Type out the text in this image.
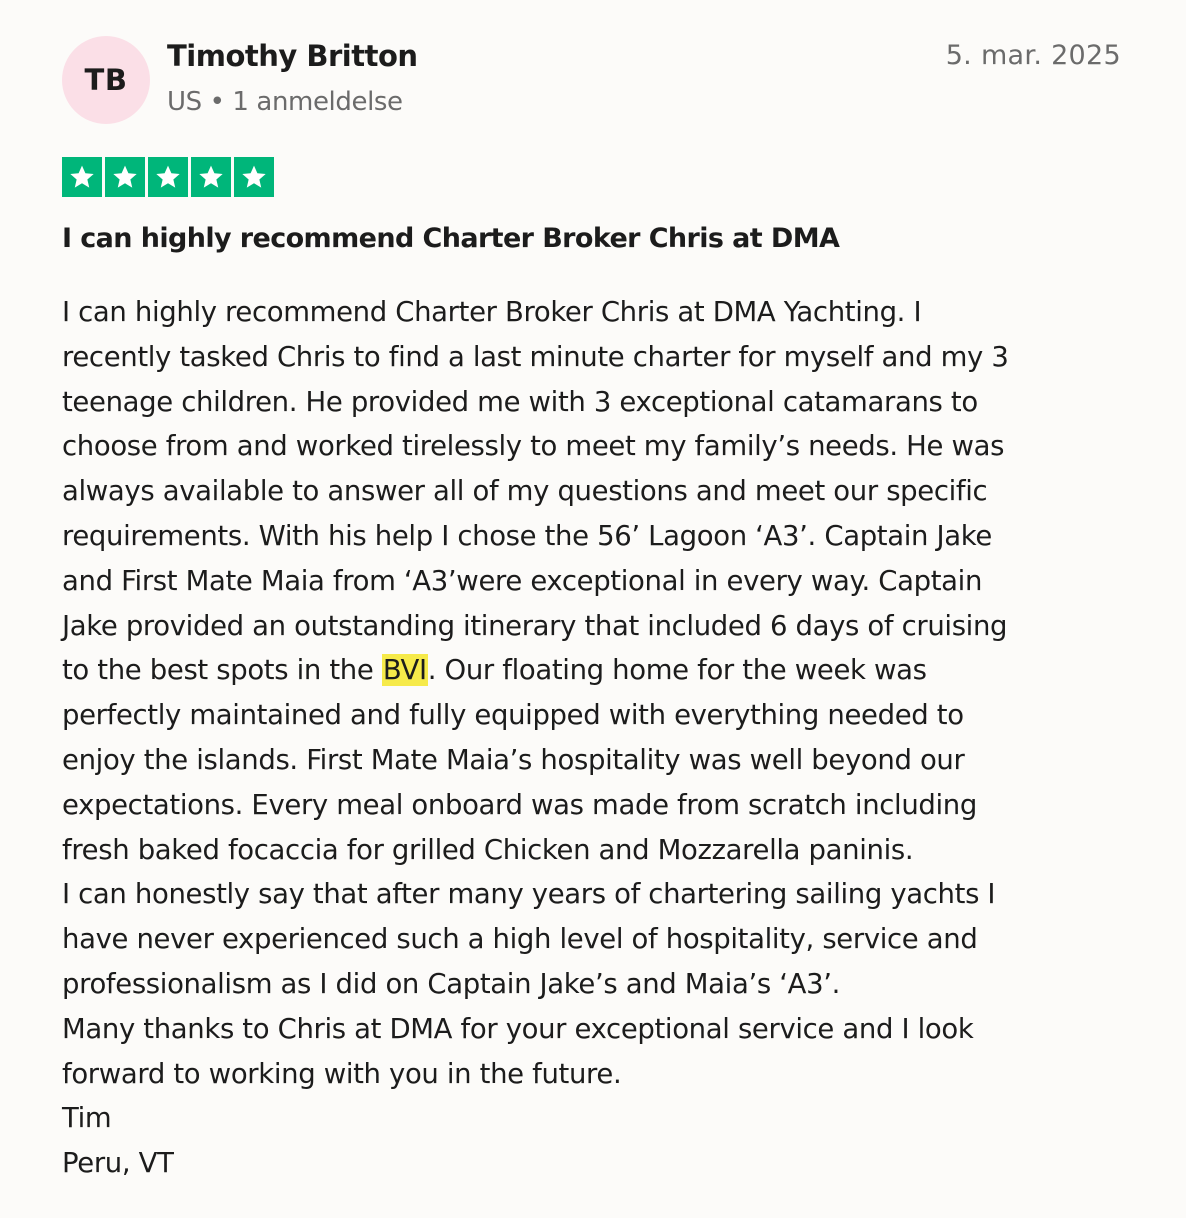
TB
Timothy Britton
US • 1 anmeldelse
5. mar. 2025
I can highly recommend Charter Broker Chris at DMA
I can highly recommend Charter Broker Chris at DMA Yachting. I
recently tasked Chris to find a last minute charter for myself and my 3
teenage children. He provided me with 3 exceptional catamarans to
choose from and worked tirelessly to meet my family’s needs. He was
always available to answer all of my questions and meet our specific
requirements. With his help I chose the 56’ Lagoon ‘A3’. Captain Jake
and First Mate Maia from ‘A3’were exceptional in every way. Captain
Jake provided an outstanding itinerary that included 6 days of cruising
to the best spots in the BVI. Our floating home for the week was
perfectly maintained and fully equipped with everything needed to
enjoy the islands. First Mate Maia’s hospitality was well beyond our
expectations. Every meal onboard was made from scratch including
fresh baked focaccia for grilled Chicken and Mozzarella paninis.
I can honestly say that after many years of chartering sailing yachts I
have never experienced such a high level of hospitality, service and
professionalism as I did on Captain Jake’s and Maia’s ‘A3’.
Many thanks to Chris at DMA for your exceptional service and I look
forward to working with you in the future.
Tim
Peru, VT
